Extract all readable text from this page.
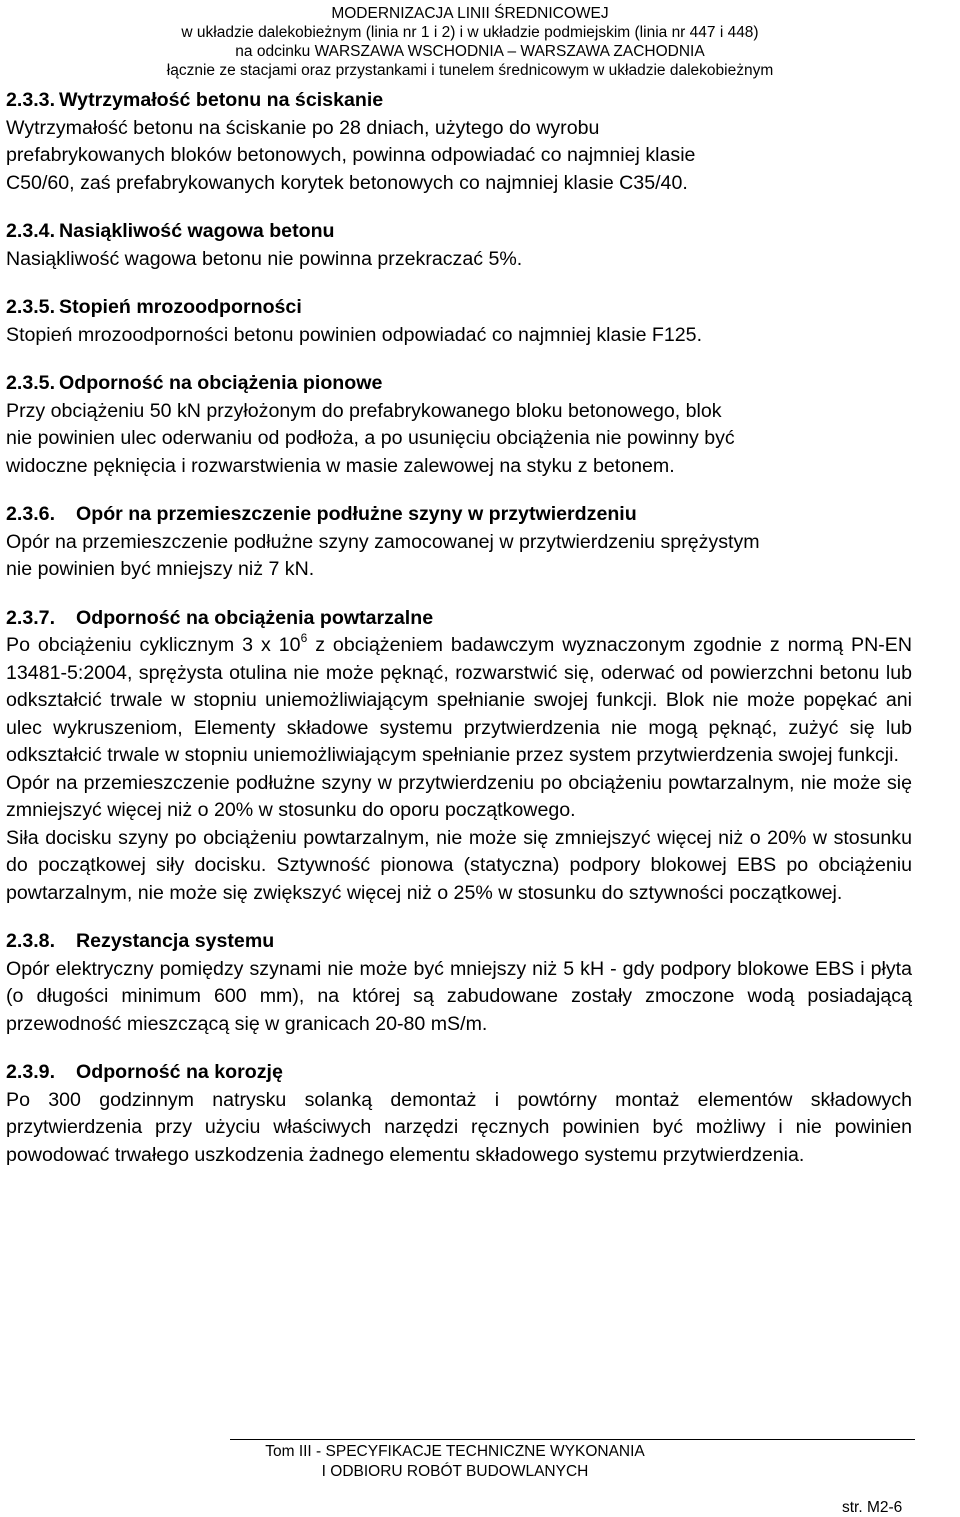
MODERNIZACJA LINII ŚREDNICOWEJ
w układzie dalekobieżnym (linia nr 1 i 2) i w układzie podmiejskim (linia nr 447 i 448)
na odcinku WARSZAWA WSCHODNIA – WARSZAWA ZACHODNIA
łącznie ze stacjami oraz przystankami i tunelem średnicowym w układzie dalekobieżnym
2.3.3. Wytrzymałość betonu na ściskanie
Wytrzymałość betonu na ściskanie po 28 dniach, użytego do wyrobu
prefabrykowanych bloków betonowych, powinna odpowiadać co najmniej klasie
C50/60, zaś prefabrykowanych korytek betonowych co najmniej klasie C35/40.
2.3.4. Nasiąkliwość wagowa betonu
Nasiąkliwość wagowa betonu nie powinna przekraczać 5%.
2.3.5. Stopień mrozoodporności
Stopień mrozoodporności betonu powinien odpowiadać co najmniej klasie F125.
2.3.5. Odporność na obciążenia pionowe
Przy obciążeniu 50 kN przyłożonym do prefabrykowanego bloku betonowego, blok
nie powinien ulec oderwaniu od podłoża, a po usunięciu obciążenia nie powinny być
widoczne pęknięcia i rozwarstwienia w masie zalewowej na styku z betonem.
2.3.6. Opór na przemieszczenie podłużne szyny w przytwierdzeniu
Opór na przemieszczenie podłużne szyny zamocowanej w przytwierdzeniu sprężystym
nie powinien być mniejszy niż 7 kN.
2.3.7. Odporność na obciążenia powtarzalne
Po obciążeniu cyklicznym 3 x $10^6$ z obciążeniem badawczym wyznaczonym zgodnie z normą PN-EN 13481-5:2004, sprężysta otulina nie może pęknąć, rozwarstwić się, oderwać od powierzchni betonu lub odkształcić trwale w stopniu uniemożliwiającym spełnianie swojej funkcji. Blok nie może popękać ani ulec wykruszeniom, Elementy składowe systemu przytwierdzenia nie mogą pęknąć, zużyć się lub odkształcić trwale w stopniu uniemożliwiającym spełnianie przez system przytwierdzenia swojej funkcji.
Opór na przemieszczenie podłużne szyny w przytwierdzeniu po obciążeniu powtarzalnym, nie może się zmniejszyć więcej niż o 20% w stosunku do oporu początkowego.
Siła docisku szyny po obciążeniu powtarzalnym, nie może się zmniejszyć więcej niż o 20% w stosunku do początkowej siły docisku. Sztywność pionowa (statyczna) podpory blokowej EBS po obciążeniu powtarzalnym, nie może się zwiększyć więcej niż o 25% w stosunku do sztywności początkowej.
2.3.8. Rezystancja systemu
Opór elektryczny pomiędzy szynami nie może być mniejszy niż 5 kH - gdy podpory blokowe EBS i płyta (o długości minimum 600 mm), na której są zabudowane zostały zmoczone wodą posiadającą przewodność mieszczącą się w granicach 20-80 mS/m.
2.3.9. Odporność na korozję
Po 300 godzinnym natrysku solanką demontaż i powtórny montaż elementów składowych przytwierdzenia przy użyciu właściwych narzędzi ręcznych powinien być możliwy i nie powinien powodować trwałego uszkodzenia żadnego elementu składowego systemu przytwierdzenia.
Tom III - SPECYFIKACJE TECHNICZNE WYKONANIA
I ODBIORU ROBÓT BUDOWLANYCH
str. M2-6
